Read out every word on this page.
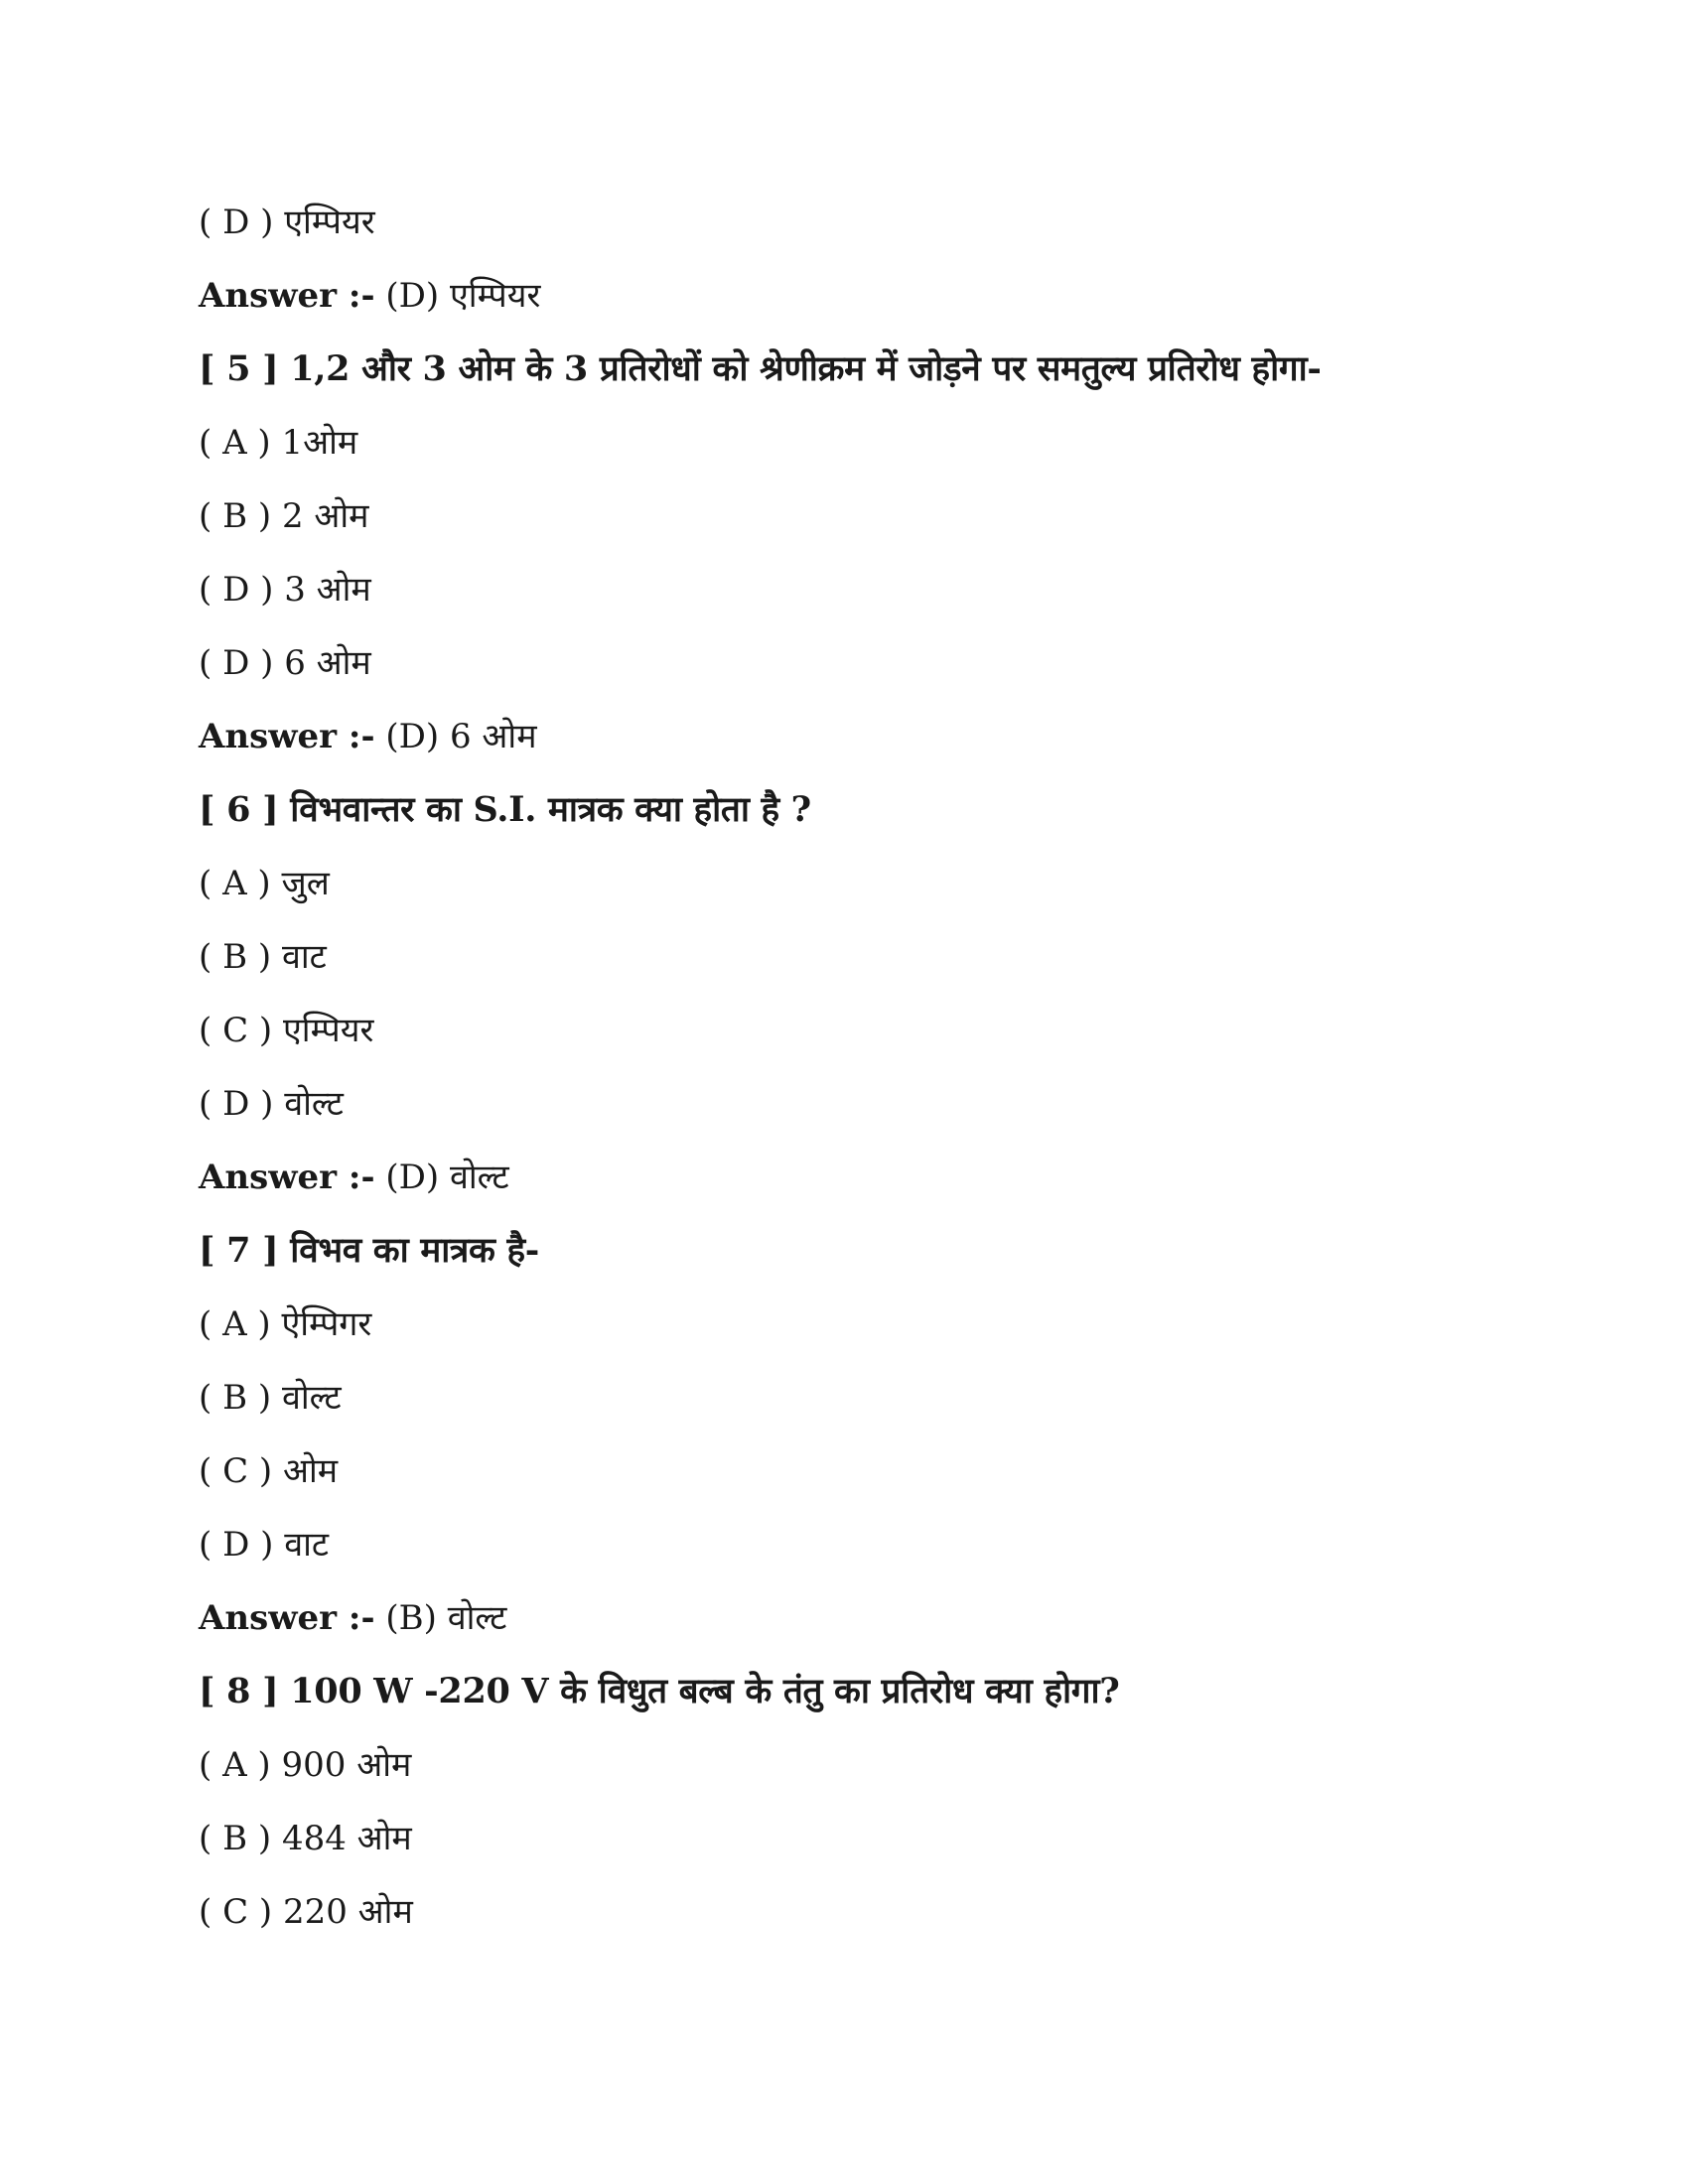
( D ) एम्पियर
Answer :- (D) एम्पियर
[ 5 ] 1,2 और 3 ओम के 3 प्रतिरोधों को श्रेणीक्रम में जोड़ने पर समतुल्य प्रतिरोध होगा-
( A ) 1ओम
( B ) 2 ओम
( D ) 3 ओम
( D ) 6 ओम
Answer :- (D) 6 ओम
[ 6 ] विभवान्तर का S.I. मात्रक क्या होता है ?
( A ) जुल
( B ) वाट
( C ) एम्पियर
( D ) वोल्ट
Answer :- (D) वोल्ट
[ 7 ] विभव का मात्रक है-
( A ) ऐम्पिगर
( B ) वोल्ट
( C ) ओम
( D ) वाट
Answer :- (B) वोल्ट
[ 8 ] 100 W -220 V के विधुत बल्ब के तंतु का प्रतिरोध क्या होगा?
( A ) 900 ओम
( B ) 484 ओम
( C ) 220 ओम
